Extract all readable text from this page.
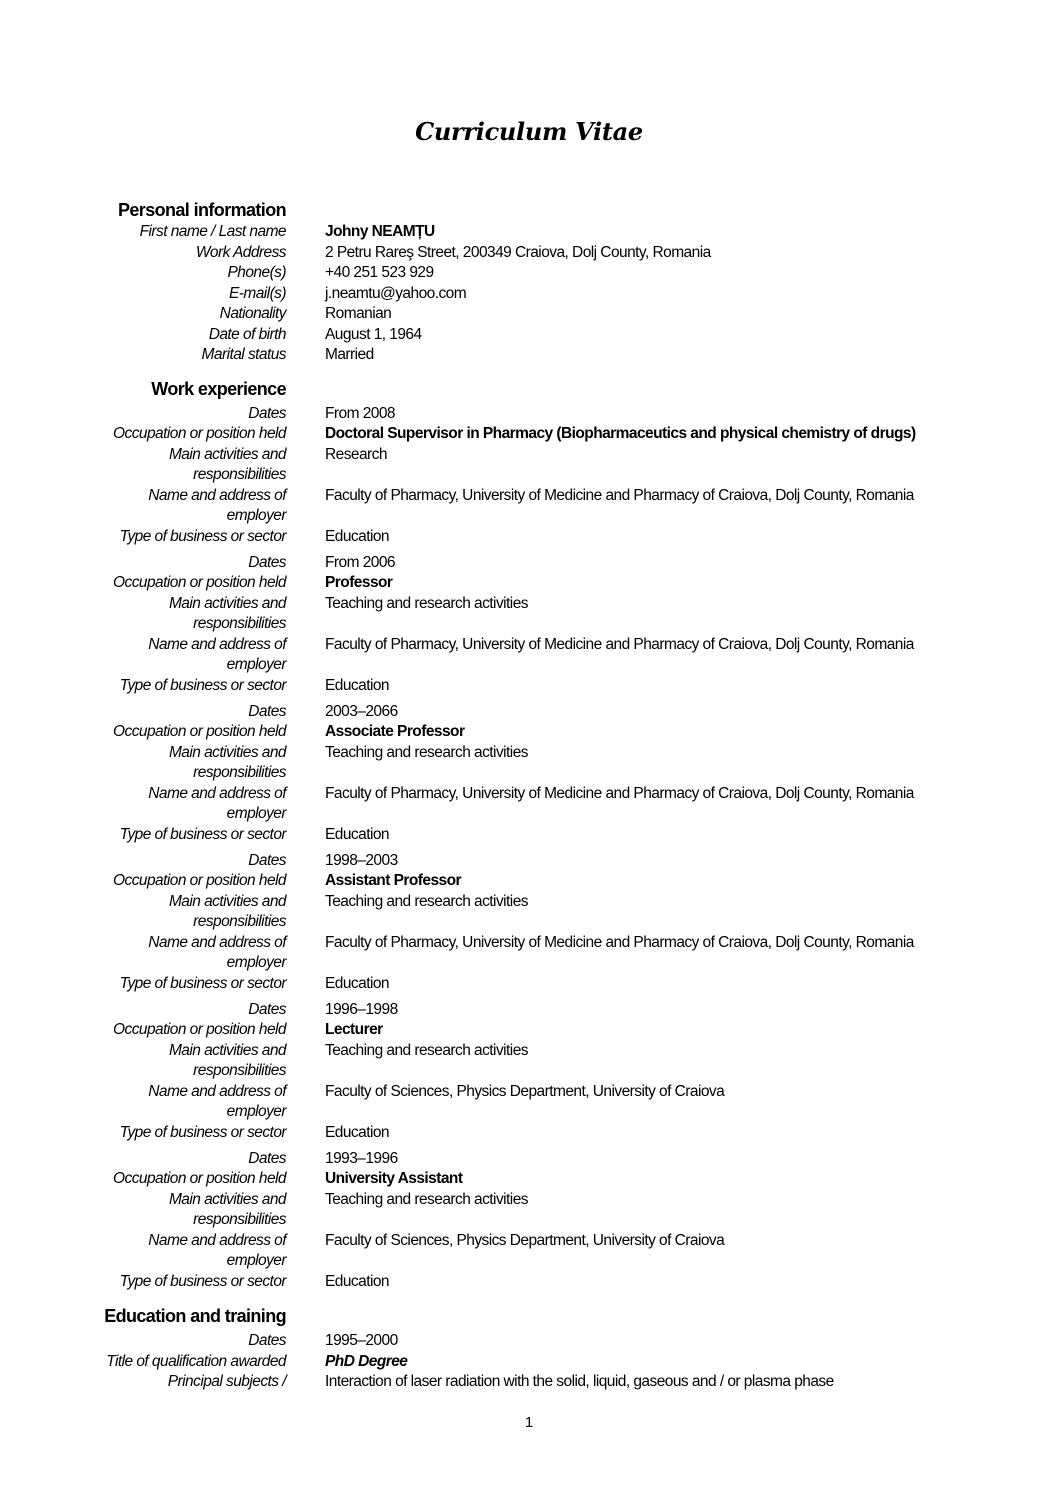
Curriculum Vitae
Personal information
First name / Last name	Johny NEAMȚU
Work Address	2 Petru Rareş Street, 200349 Craiova, Dolj County, Romania
Phone(s)	+40 251 523 929
E-mail(s)	j.neamtu@yahoo.com
Nationality	Romanian
Date of birth	August 1, 1964
Marital status	Married
Work experience
Dates	From 2008
Occupation or position held	Doctoral Supervisor in Pharmacy (Biopharmaceutics and physical chemistry of drugs)
Main activities and	Research
responsibilities
Name and address of	Faculty of Pharmacy, University of Medicine and Pharmacy of Craiova, Dolj County, Romania
employer
Type of business or sector	Education
Dates	From 2006
Occupation or position held	Professor
Main activities and	Teaching and research activities
responsibilities
Name and address of	Faculty of Pharmacy, University of Medicine and Pharmacy of Craiova, Dolj County, Romania
employer
Type of business or sector	Education
Dates	2003–2066
Occupation or position held	Associate Professor
Main activities and	Teaching and research activities
responsibilities
Name and address of	Faculty of Pharmacy, University of Medicine and Pharmacy of Craiova, Dolj County, Romania
employer
Type of business or sector	Education
Dates	1998–2003
Occupation or position held	Assistant Professor
Main activities and	Teaching and research activities
responsibilities
Name and address of	Faculty of Pharmacy, University of Medicine and Pharmacy of Craiova, Dolj County, Romania
employer
Type of business or sector	Education
Dates	1996–1998
Occupation or position held	Lecturer
Main activities and	Teaching and research activities
responsibilities
Name and address of	Faculty of Sciences, Physics Department, University of Craiova
employer
Type of business or sector	Education
Dates	1993–1996
Occupation or position held	University Assistant
Main activities and	Teaching and research activities
responsibilities
Name and address of	Faculty of Sciences, Physics Department, University of Craiova
employer
Type of business or sector	Education
Education and training
Dates	1995–2000
Title of qualification awarded	PhD Degree
Principal subjects /	Interaction of laser radiation with the solid, liquid, gaseous and / or plasma phase
1
